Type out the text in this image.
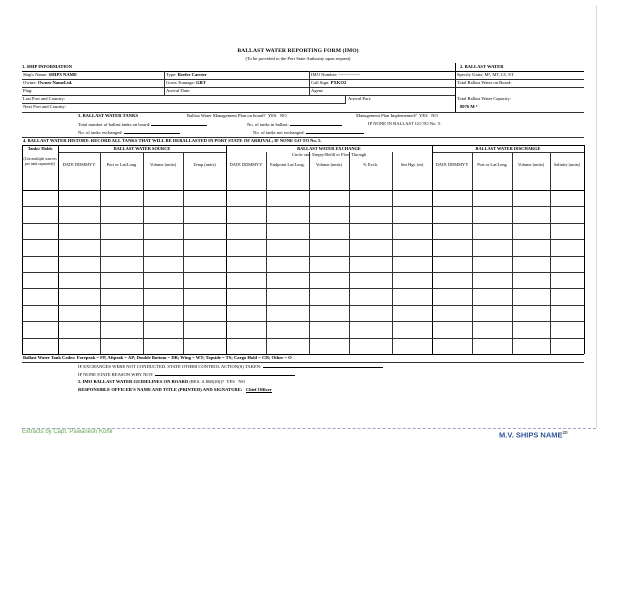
BALLAST WATER REPORTING FORM (IMO)
(To be provided to the Port State Authority upon request)
1. SHIP INFORMATION	2. BALLAST WATER
Ship's Name: SHIPS NAME	Type: Reefer Carrier	IMO Number: --------------	Specify Units: M³, MT, LT, ST
Owner: Owner NameLtd.	Gross Tonnage: GRT	Call Sign: PXKO2	Total Ballast Water on Board:
Flag:	Arrival Date:	Agent:
Last Port and Country:	Arrival Port:	Total Ballast Water Capacity:
Next Port and Country:	8076 M ³
3. BALLAST WATER TANKS	Ballast Water Management Plan on board? YES NO	Management Plan Implemented? YES NO
Total number of ballast tanks on board:	No. of tanks in ballast:	IF NONE IN BALLAST GO TO No. 5.
No. of tanks exchanged:	No. of tanks not exchanged:
4. BALLAST WATER HISTORY: RECORD ALL TANKS THAT WILL BE DEBALLASTED IN PORT STATE OF ARRIVAL; IF NONE GO TO No. 5.
Tanks/ Holds
(List multiple sources per tank separately)
BALLAST WATER SOURCE	BALLAST WATER EXCHANGE
Circle one: Empty/Refill or Flow Through
BALLAST WATER DISCHARGE
DATE DDMMYY	Port or Lat/Long	Volume (units)	Temp (units)	DATE DDMMYY	Endpoint Lat/Long.	Volume (units)	% Exch.	Sea Hgt. (m)	DATE DDMMYY	Port or Lat/Long	Volume (units)	Salinity (units)
Ballast Water Tank Codes: Forepeak = FP, Aftpeak = AP; Double Bottom = DB; Wing = WT; Topside = TS; Cargo Hold = CH; Other = O
IF EXCHANGES WERE NOT CONDUCTED, STATE OTHER CONTROL ACTION(S) TAKEN:
IF NONE STATE REASON WHY NOT:
5. IMO BALLAST WATER GUIDELINES ON BOARD (RES. A.868(20))? YES NO
RESPONSIBLE OFFICER'S NAME AND TITLE (PRINTED) AND SIGNATURE: Chief Officer
Extracts by Capt. Pawanesh Kohli	M.V. SHIPS NAME$^{20}$
